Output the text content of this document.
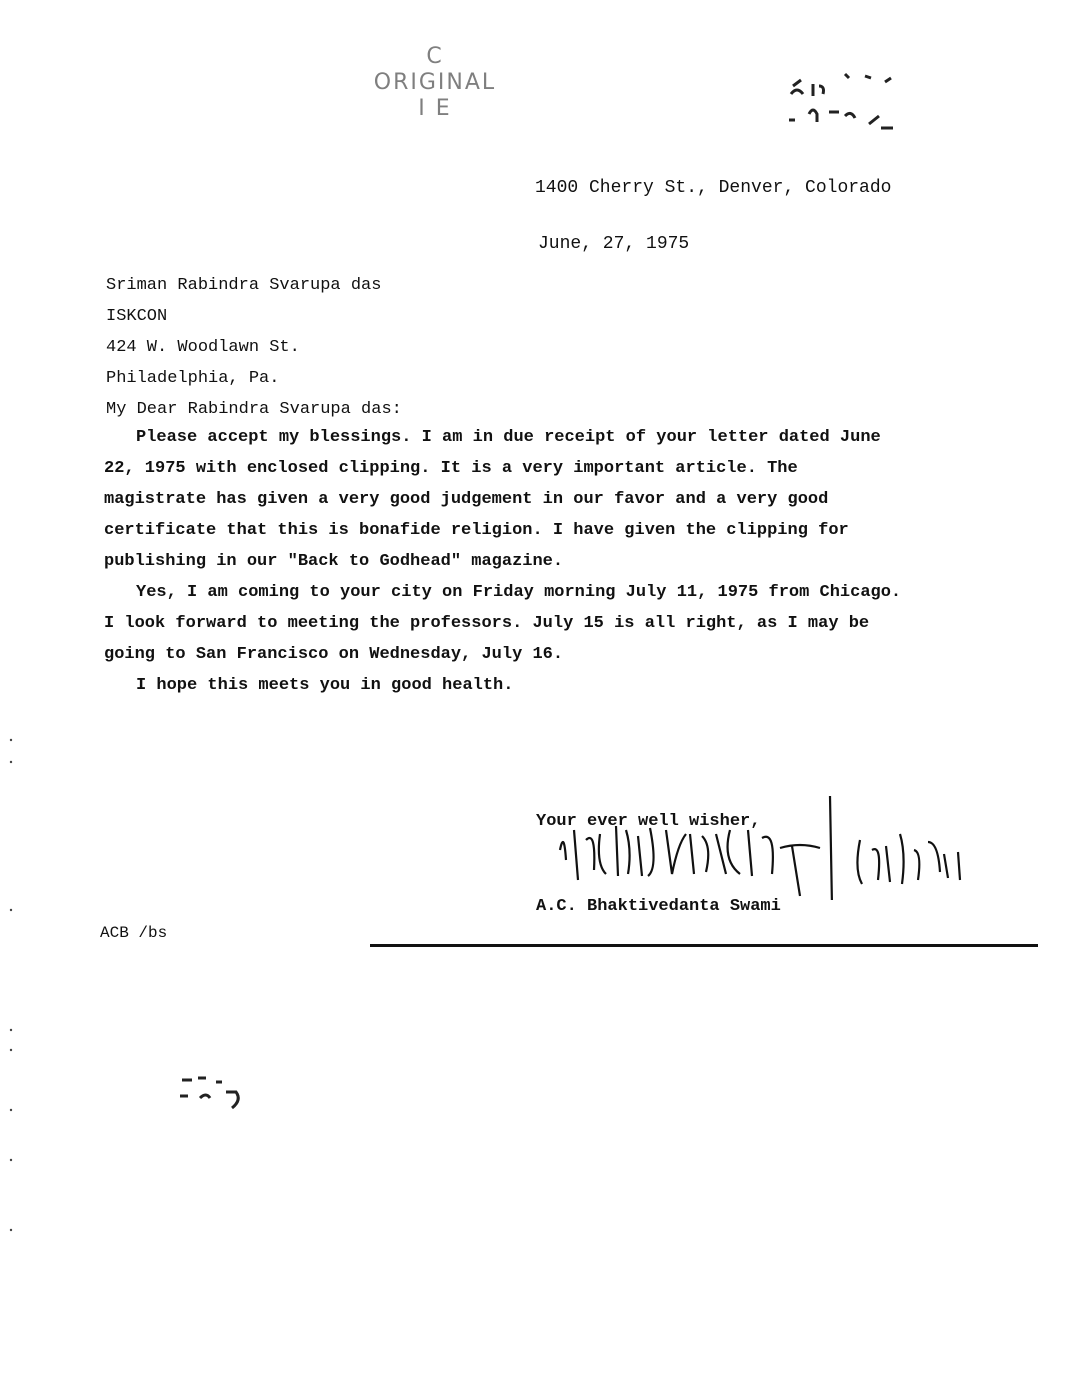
C
ORIGINAL
I E
1400 Cherry St., Denver, Colorado
June, 27, 1975
Sriman Rabindra Svarupa das
ISKCON
424 W. Woodlawn St.
Philadelphia, Pa.
My Dear Rabindra Svarupa das:

Please accept my blessings. I am in due receipt of your letter dated June 22, 1975 with enclosed clipping. It is a very important article. The magistrate has given a very good judgement in our favor and a very good certificate that this is bonafide religion. I have given the clipping for publishing in our "Back to Godhead" magazine.

Yes, I am coming to your city on Friday morning July 11, 1975 from Chicago. I look forward to meeting the professors. July 15 is all right, as I may be going to San Francisco on Wednesday, July 16.

I hope this meets you in good health.

Your ever well wisher,
A.C. Bhaktivedanta Swami
ACB /bs
